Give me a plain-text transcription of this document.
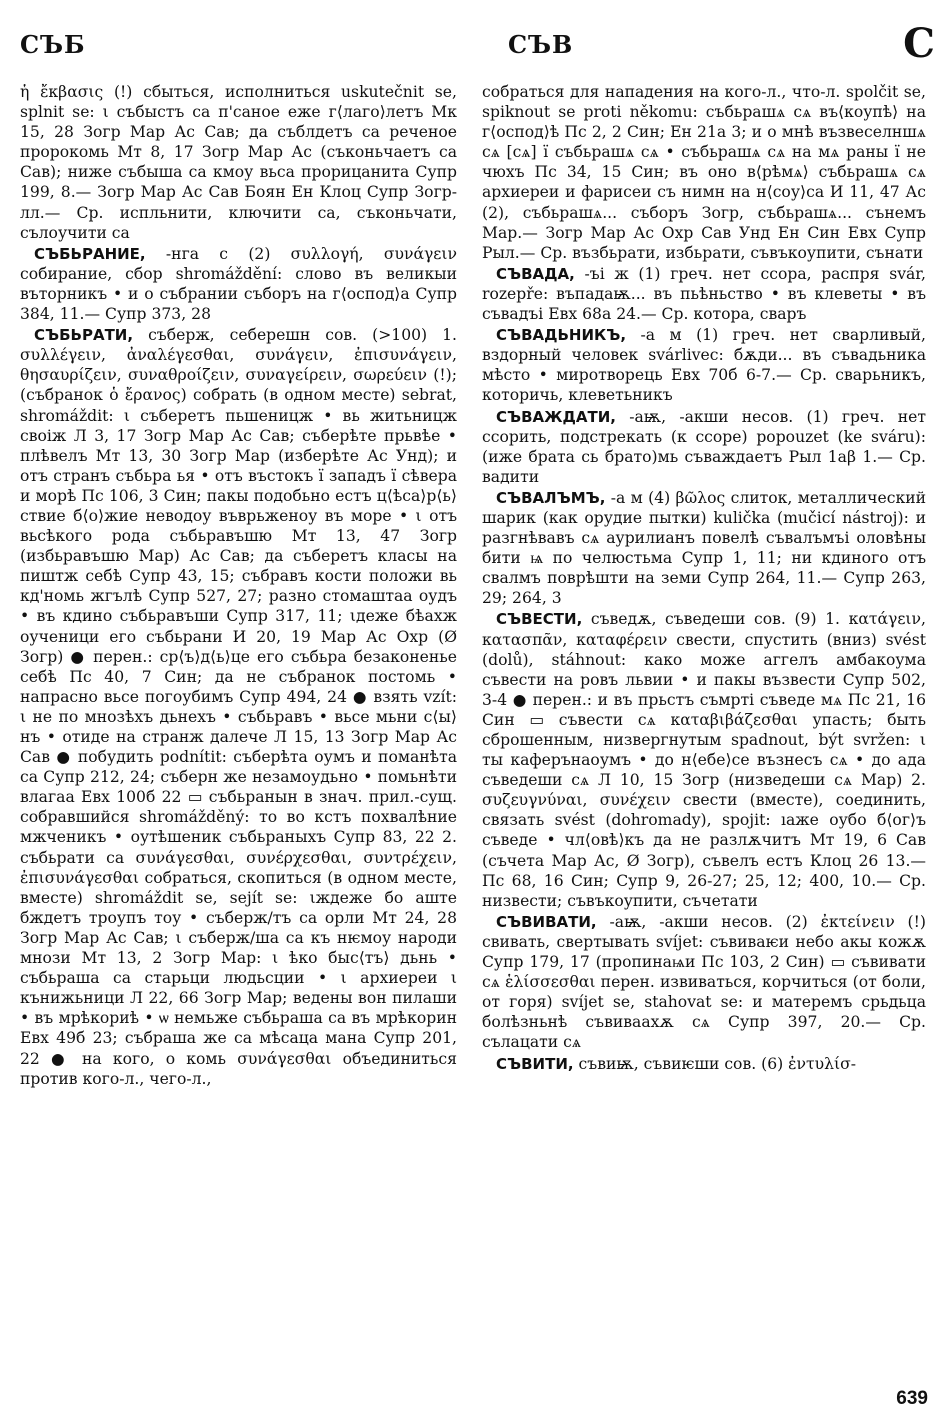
СЪБ	СЪВ	С

ἡ ἔκβασις (!) сбыться, исполниться uskutečnit se, splnit se: ι събыстъ са п'саное еже г⟨лаго⟩летъ Мк 15, 28 Зогр Мар Ас Сав; да съблдетъ са реченое пророкомь Мт 8, 17 Зогр Мар Ас (съконьчаетъ са Сав); ниже събыша са кмоу вьса прорицанита Супр 199, 8.— Зогр Мар Ас Сав Боян Ен Клоц Супр Зогр-лл.— Ср. испльнити, ключити са, съконьчати, сълоучити са

СЪБЬРАНИЕ, -нга с (2) συλλογή, συνάγειν собирание, сбор shromáždění: слово въ великыи въторникъ • и о събрании съборъ на г⟨оспод⟩а Супр 384, 11.— Супр 373, 28

СЪБЬРАТИ, съберж, себерешн сов. (>100) 1. συλλέγειν, ἀναλέγεσθαι, συνάγειν, ἐπισυνάγειν, θησαυρίζειν, συναθροίζειν, συναγείρειν, σωρεύειν (!); (събранок ὁ ἔρανος) собрать (в одном месте) sebrat, shromáždit: ι съберетъ пьшеницж • вь житьницж своіж Л 3, 17 Зогр Мар Ас Сав; съберѣте прьвѣе • плѣвелъ Мт 13, 30 Зогр Мар (изберѣте Ас Унд); и отъ странъ събьра ья • отъ въстокъ ї западъ ї сѣвера и морѣ Пс 106, 3 Син; пакы подобьно естъ ц⟨ѣса⟩р⟨ь⟩ствие б⟨о⟩жие неводоу въврьженоу въ море • ι отъ вьсѣкого рода събьравъшю Мт 13, 47 Зогр (избьравъшю Мар) Ас Сав; да съберетъ класы на пиштж себѣ Супр 43, 15; събравъ кости положи вь кд'номь жгълѣ Супр 527, 27; разно стомаштаа оудъ • въ кдино събьравъши Супр 317, 11; ιдеже бѣахж оученици его събьрани И 20, 19 Мар Ас Охр (Ø Зогр) ● перен.: ср⟨ъ⟩д⟨ь⟩це его събьра безаконенье себѣ Пс 40, 7 Син; да не събранок постомь • напрасно вьсе погоубимъ Супр 494, 24 ● взять vzít: ι не по мнозѣхъ дьнехъ • събьравъ • вьсе мьни с⟨ы⟩нъ • отиде на странж далече Л 15, 13 Зогр Мар Ас Сав ● побудить podnítit: съберѣта оумъ и поманѣта са Супр 212, 24; съберн же незамоудьно • помьнѣти влагаа Евх 100б 22 ▭ събьранын в знач. прил.-сущ. собравшийся shromážděný: то во кстъ похвалѣние мжченикъ • оутѣшеник събьраныхъ Супр 83, 22 2. събьрати са συνάγεσθαι, συνέρχεσθαι, συντρέχειν, ἐπισυνάγεσθαι собраться, скопиться (в одном месте, вместе) shromáždit se, sejít se: ιждеже бо аште бждетъ троупъ тоу • съберж/тъ са орли Мт 24, 28 Зогр Мар Ас Сав; ι съберж/ша са къ нѥмоу народи мнози Мт 13, 2 Зогр Мар: ι ѣко быс⟨тъ⟩ дьнь • събьраша са старьци людьсции • ι архиереи ι кънижьници Л 22, 66 Зогр Мар; ведены вон пилаши • въ мрѣкориѣ • ѡ немьже събьраша са въ мрѣкорин Евх 49б 23; събраша же са мѣсаца мана Супр 201, 22 ● на кого, о комь συνάγεσθαι объединиться против кого-л., чего-л.,

собраться для нападения на кого-л., что-л. spolčit se, spiknout se proti někomu: събьрашѧ сѧ въ⟨коупѣ⟩ на г⟨оспод⟩ѣ Пс 2, 2 Син; Ен 21а 3; и о мнѣ възвеселншѧ сѧ [сѧ] ї събьрашѧ сѧ • събьрашѧ сѧ на мѧ раны ї не чюхъ Пс 34, 15 Син; въ оно в⟨рѣмѧ⟩ събьрашѧ сѧ архиереи и фарисеи съ нимн на н⟨соу⟩са И 11, 47 Ас (2), събьрашѧ... съборъ Зогр, събьрашѧ... сънемъ Мар.— Зогр Мар Ас Охр Сав Унд Ен Син Евх Супр Рыл.— Ср. възбьрати, избьрати, съвъкоупити, сънати

СЪВАДА, -ъі ж (1) греч. нет ссора, распря svár, rozepře: въпадаѭ... въ пьѣньство • въ клеветы • въ съвадъі Евх 68а 24.— Ср. котора, сваръ

СЪВАДЬНИКЪ, -а м (1) греч. нет сварливый, вздорный человек svárlivec: бѫди... въ съвадьника мѣсто • миротворець Евх 70б 6-7.— Ср. сварьникъ, которичь, клеветьникъ

СЪВАЖДАТИ, -аѭ, -акши несов. (1) греч. нет ссорить, подстрекать (к ссоре) popouzet (ke sváru): (иже брата сь брато)мь съваждаетъ Рыл 1аβ 1.— Ср. вадити

СЪВАЛЪМЪ, -а м (4) βῶλος слиток, металлический шарик (как орудие пытки) kulička (mučicí nástroj): и разгнѣвавъ сѧ аурилианъ повелѣ съвалъмъі оловѣны бити ѩ по челюстьма Супр 1, 11; ни кдиного отъ свалмъ поврѣшти на земи Супр 264, 11.— Супр 263, 29; 264, 3

СЪВЕСТИ, съведѫ, съведеши сов. (9) 1. κατάγειν, κατασπᾶν, καταφέρειν свести, спустить (вниз) svést (dolů), stáhnout: како може аггелъ амбакоума съвести на ровъ львии • и пакы възвести Супр 502, 3-4 ● перен.: и въ прьстъ съмрті съведе мѧ Пс 21, 16 Син ▭ съвести сѧ καταβιβάζεσθαι упасть; быть сброшенным, низвергнутым spadnout, být svržen: ι ты каферънаоумъ • до н⟨ебе⟩се възнесъ сѧ • до ада съведеши сѧ Л 10, 15 Зогр (низведеши сѧ Мар) 2. συζευγνύναι, συνέχειν свести (вместе), соединить, связать svést (dohromady), spojit: ıаже оубо б⟨ог⟩ъ съведе • чл⟨овѣ⟩къ да не разлѫчитъ Мт 19, 6 Сав (съчета Мар Ас, Ø Зогр), съвелъ естъ Клоц 26 13.— Пс 68, 16 Син; Супр 9, 26-27; 25, 12; 400, 10.— Ср. низвести; съвъкоупити, съчетати

СЪВИВАТИ, -аѭ, -акши несов. (2) ἐκτείνειν (!) свивать, свертывать svíjet: съвиваѥи небо акы кожѫ Супр 179, 17 (пропинаѩи Пс 103, 2 Син) ▭ съвивати сѧ ἑλίσσεσθαι перен. извиваться, корчиться (от боли, от горя) svíjet se, stahovat se: и матеремъ срьдьца болѣзньнѣ съвиваахѫ сѧ Супр 397, 20.— Ср. сълацати сѧ

СЪВИТИ, съвиѭ, съвиѥши сов. (6) ἐντυλίσ-

639
